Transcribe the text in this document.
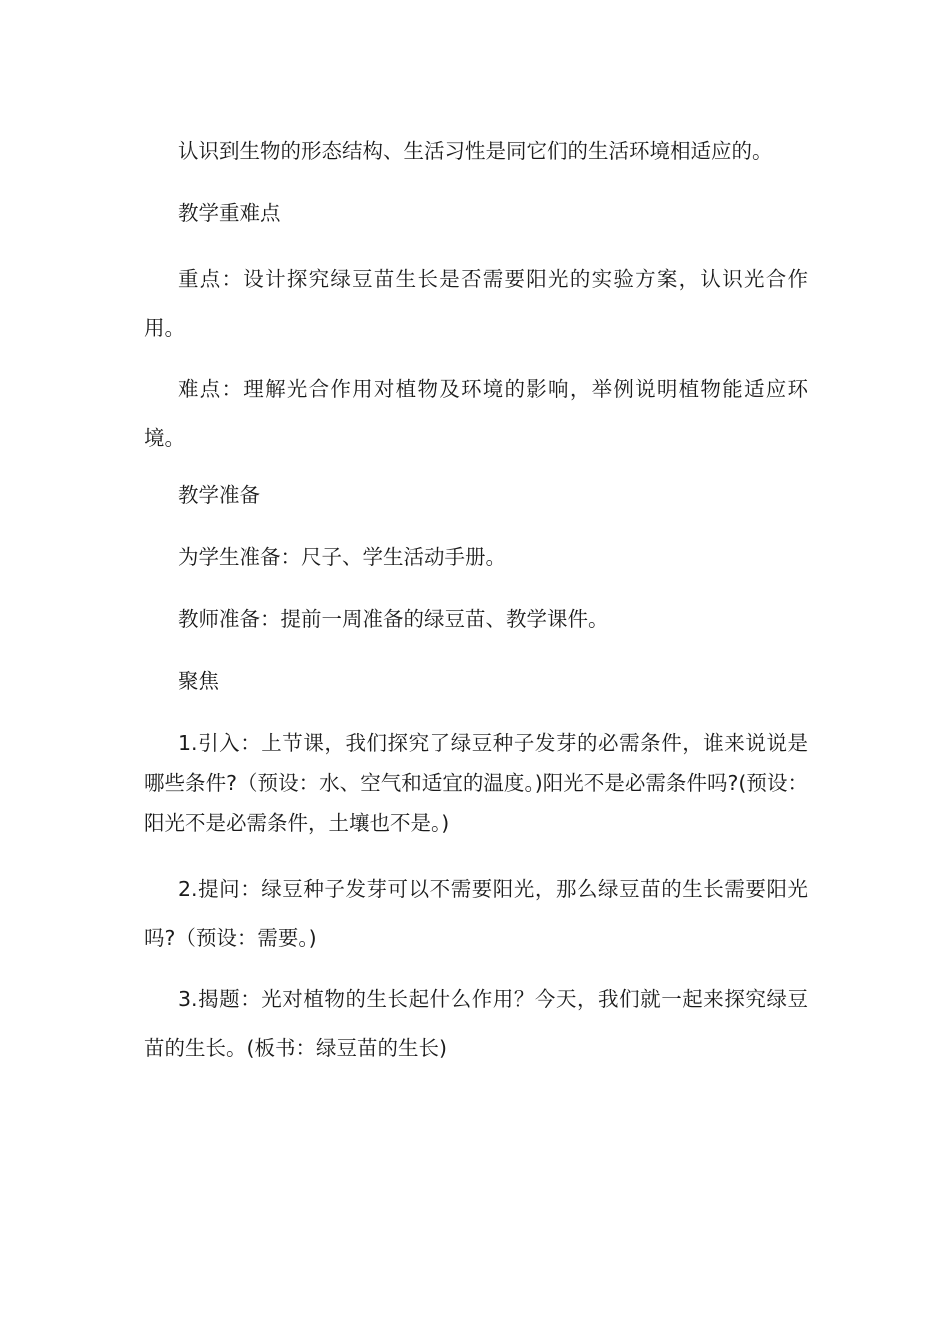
认识到生物的形态结构、生活习性是同它们的生活环境相适应的。

教学重难点

重点：设计探究绿豆苗生长是否需要阳光的实验方案，认识光合作用。

难点：理解光合作用对植物及环境的影响，举例说明植物能适应环境。

教学准备

为学生准备：尺子、学生活动手册。

教师准备：提前一周准备的绿豆苗、教学课件。

聚焦

1.引入：上节课，我们探究了绿豆种子发芽的必需条件，谁来说说是哪些条件?（预设：水、空气和适宜的温度。)阳光不是必需条件吗?(预设：阳光不是必需条件，土壤也不是。)

2.提问：绿豆种子发芽可以不需要阳光，那么绿豆苗的生长需要阳光吗?（预设：需要。)

3.揭题：光对植物的生长起什么作用？今天，我们就一起来探究绿豆苗的生长。(板书：绿豆苗的生长)
